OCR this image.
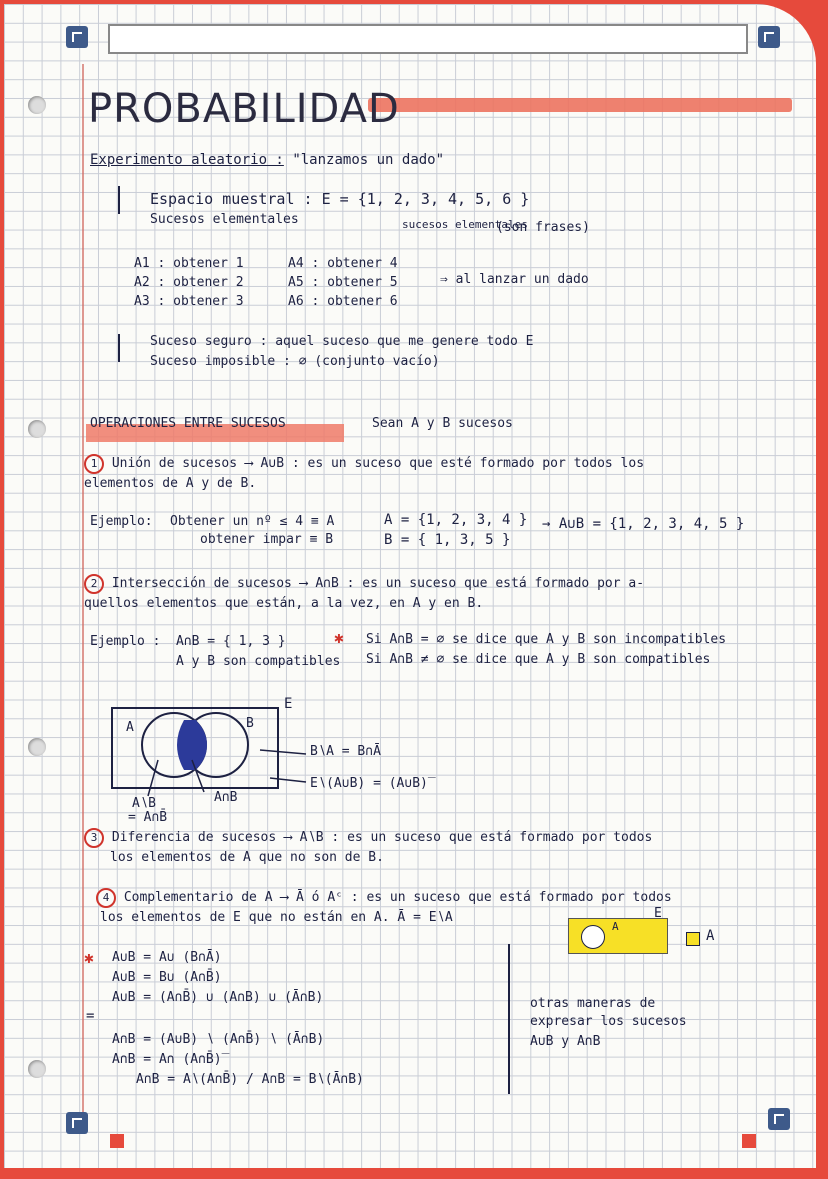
PROBABILIDAD
Experimento aleatorio : "lanzamos un dado"
Espacio muestral : E = {1, 2, 3, 4, 5, 6 }
Sucesos elementales	sucesos elementales
(son frases)
A1 : obtener 1
A2 : obtener 2
A3 : obtener 3
A4 : obtener 4
A5 : obtener 5
A6 : obtener 6
⇒ al lanzar un dado
Suceso seguro : aquel suceso que me genere todo E
Suceso imposible : ∅ (conjunto vacío)
OPERACIONES ENTRE SUCESOS	Sean A y B sucesos
1 Unión de sucesos ⟶ A∪B : es un suceso que esté formado por todos los
elementos de A y de B.
Ejemplo: Obtener un nº ≤ 4 ≡ A
obtener impar ≡ B
A = {1, 2, 3, 4 }
B = { 1, 3, 5 }
→ A∪B = {1, 2, 3, 4, 5 }
2 Intersección de sucesos ⟶ A∩B : es un suceso que está formado por a-
quellos elementos que están, a la vez, en A y en B.
Ejemplo : A∩B = { 1, 3 }
A y B son compatibles
✱ Si A∩B = ∅ se dice que A y B son incompatibles
Si A∩B ≠ ∅ se dice que A y B son compatibles
A	B
E
B∖A = B∩Ā
E∖(A∪B) = (A∪B)‾
A∖B
= A∩B̄
A∩B
3 Diferencia de sucesos ⟶ A∖B : es un suceso que está formado por todos
los elementos de A que no son de B.
4 Complementario de A ⟶ Ā ó Aᶜ : es un suceso que está formado por todos
los elementos de E que no están en A. Ā = E∖A
A
E
A
✱ A∪B = A∪ (B∩Ā)
A∪B = B∪ (A∩B̄)
A∪B = (A∩B̄) ∪ (A∩B) ∪ (Ā∩B)
=
A∩B = (A∪B) ∖ (A∩B̄) ∖ (Ā∩B)
A∩B = A∩ (A∩B̄)‾
A∩B = A∖(A∩B̄) / A∩B = B∖(Ā∩B)
otras maneras de
expresar los sucesos
A∪B y A∩B
